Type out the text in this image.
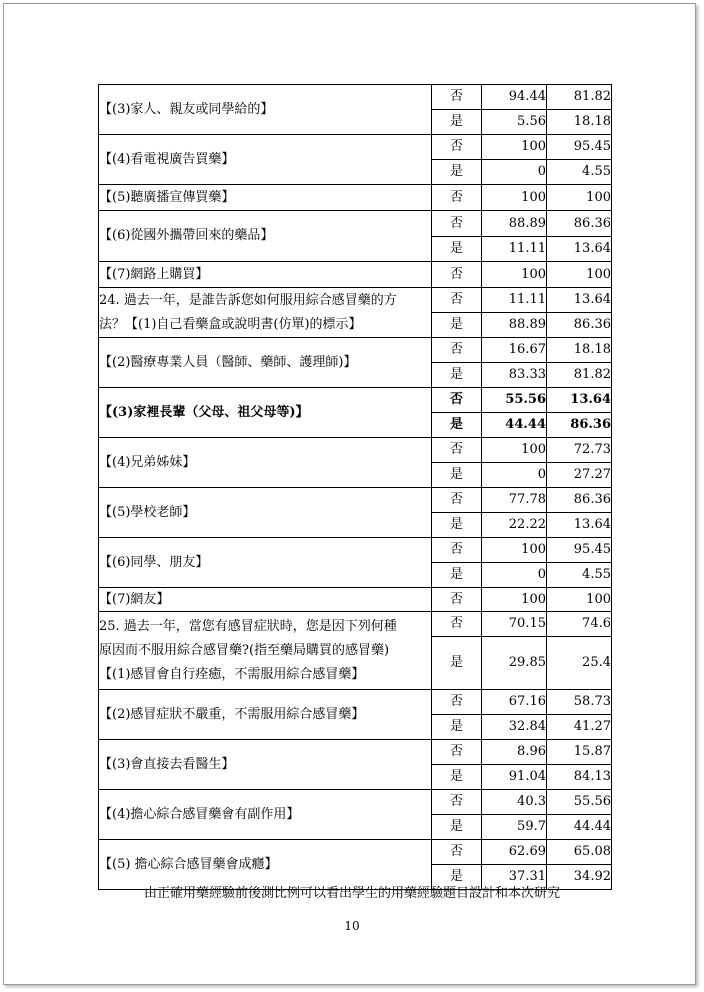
【(3)家人、親友或同學給的】	否	94.44	81.82
	是	5.56	18.18
【(4)看電視廣告買藥】	否	100	95.45
	是	0	4.55
【(5)聽廣播宣傳買藥】	否	100	100
【(6)從國外攜帶回來的藥品】	否	88.89	86.36
	是	11.11	13.64
【(7)網路上購買】	否	100	100

24. 過去一年，是誰告訴您如何服用綜合感冒藥的方
法？【(1)自己看藥盒或說明書(仿單)的標示】	否	11.11	13.64
	是	88.89	86.36
【(2)醫療專業人員（醫師、藥師、護理師)】	否	16.67	18.18
	是	83.33	81.82
【(3)家裡長輩（父母、祖父母等)】	否	55.56	13.64
	是	44.44	86.36
【(4)兄弟姊妹】	否	100	72.73
	是	0	27.27
【(5)學校老師】	否	77.78	86.36
	是	22.22	13.64
【(6)同學、朋友】	否	100	95.45
	是	0	4.55
【(7)網友】	否	100	100

25. 過去一年，當您有感冒症狀時，您是因下列何種
原因而不服用綜合感冒藥?(指至藥局購買的感冒藥)
【(1)感冒會自行痊癒，不需服用綜合感冒藥】	否	70.15	74.6
	是	29.85	25.4
【(2)感冒症狀不嚴重，不需服用綜合感冒藥】	否	67.16	58.73
	是	32.84	41.27
【(3)會直接去看醫生】	否	8.96	15.87
	是	91.04	84.13
【(4)擔心綜合感冒藥會有副作用】	否	40.3	55.56
	是	59.7	44.44
【(5) 擔心綜合感冒藥會成癮】	否	62.69	65.08
	是	37.31	34.92
由正確用藥經驗前後測比例可以看出學生的用藥經驗題目設計和本次研究
10
